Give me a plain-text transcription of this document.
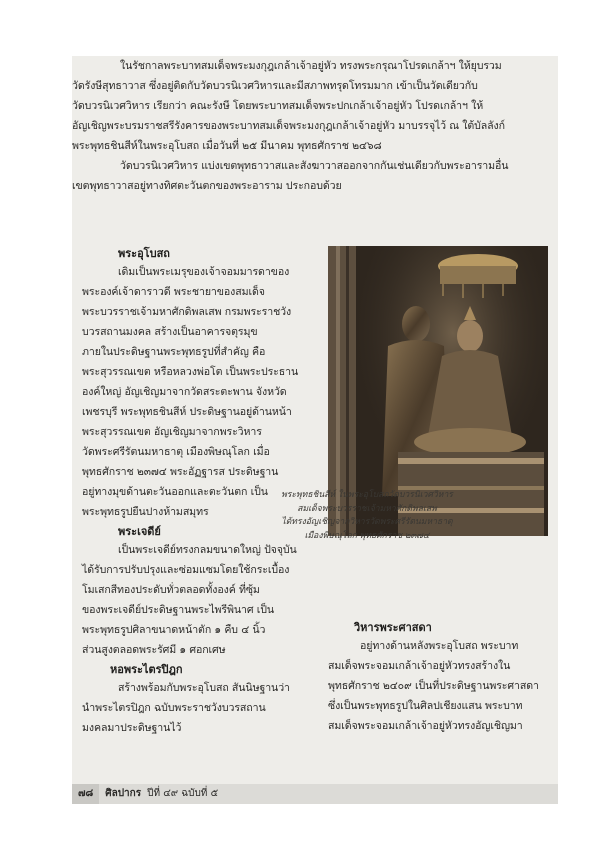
ในรัชกาลพระบาทสมเด็จพระมงกุฎเกล้าเจ้าอยู่หัว ทรงพระกรุณาโปรดเกล้าฯ ให้ยุบรวม
วัดรังษีสุทธาวาส ซึ่งอยู่ติดกับวัดบวรนิเวศวิหารและมีสภาพทรุดโทรมมาก เข้าเป็นวัดเดียวกับ
วัดบวรนิเวศวิหาร เรียกว่า คณะรังษี โดยพระบาทสมเด็จพระปกเกล้าเจ้าอยู่หัว โปรดเกล้าฯ ให้
อัญเชิญพระบรมราชสรีรังคารของพระบาทสมเด็จพระมงกุฎเกล้าเจ้าอยู่หัว มาบรรจุไว้ ณ ใต้บัลลังก์
พระพุทธชินสีห์ในพระอุโบสถ เมื่อวันที่ ๒๕ มีนาคม พุทธศักราช ๒๔๖๘
วัดบวรนิเวศวิหาร แบ่งเขตพุทธาวาสและสังฆาวาสออกจากกันเช่นเดียวกับพระอารามอื่น
เขตพุทธาวาสอยู่ทางทิศตะวันตกของพระอาราม ประกอบด้วย
พระอุโบสถ
เดิมเป็นพระเมรุของเจ้าจอมมารดาของ
พระองค์เจ้าดาราวดี พระชายาของสมเด็จ
พระบวรราชเจ้ามหาศักดิพลเสพ กรมพระราชวัง
บวรสถานมงคล สร้างเป็นอาคารจตุรมุข
ภายในประดิษฐานพระพุทธรูปที่สำคัญ คือ
พระสุวรรณเขต หรือหลวงพ่อโต เป็นพระประธาน
องค์ใหญ่ อัญเชิญมาจากวัดสระตะพาน จังหวัด
เพชรบุรี พระพุทธชินสีห์ ประดิษฐานอยู่ด้านหน้า
พระสุวรรณเขต อัญเชิญมาจากพระวิหาร
วัดพระศรีรัตนมหาธาตุ เมืองพิษณุโลก เมื่อ
พุทธศักราช ๒๓๗๔ พระอัฏฐารส ประดิษฐาน
อยู่ทางมุขด้านตะวันออกและตะวันตก เป็น
พระพุทธรูปยืนปางห้ามสมุทร
พระเจดีย์
เป็นพระเจดีย์ทรงกลมขนาดใหญ่ ปัจจุบัน
ได้รับการปรับปรุงและซ่อมแซมโดยใช้กระเบื้อง
โมเสกสีทองประดับทั่วตลอดทั้งองค์ ที่ซุ้ม
ของพระเจดีย์ประดิษฐานพระไพรีพินาศ เป็น
พระพุทธรูปศิลาขนาดหน้าตัก ๑ คืบ ๔ นิ้ว
ส่วนสูงตลอดพระรัศมี ๑ ศอกเศษ
หอพระไตรปิฎก
สร้างพร้อมกับพระอุโบสถ สันนิษฐานว่า
นำพระไตรปิฎก ฉบับพระราชวังบวรสถาน
มงคลมาประดิษฐานไว้
พระพุทธชินสีห์ ในพระอุโบสถวัดบวรนิเวศวิหาร
สมเด็จพระบวรราชเจ้ามหาศักดิพลเสพ
ได้ทรงอัญเชิญจากวิหารวัดพระศรีรัตนมหาธาตุ
เมืองพิษณุโลก พุทธศักราช ๒๓๗๔
วิหารพระศาสดา
อยู่ทางด้านหลังพระอุโบสถ พระบาท
สมเด็จพระจอมเกล้าเจ้าอยู่หัวทรงสร้างใน
พุทธศักราช ๒๔๐๙ เป็นที่ประดิษฐานพระศาสดา
ซึ่งเป็นพระพุทธรูปในศิลปเชียงแสน พระบาท
สมเด็จพระจอมเกล้าเจ้าอยู่หัวทรงอัญเชิญมา
๗๘ ศิลปากร ปีที่ ๔๙ ฉบับที่ ๕
